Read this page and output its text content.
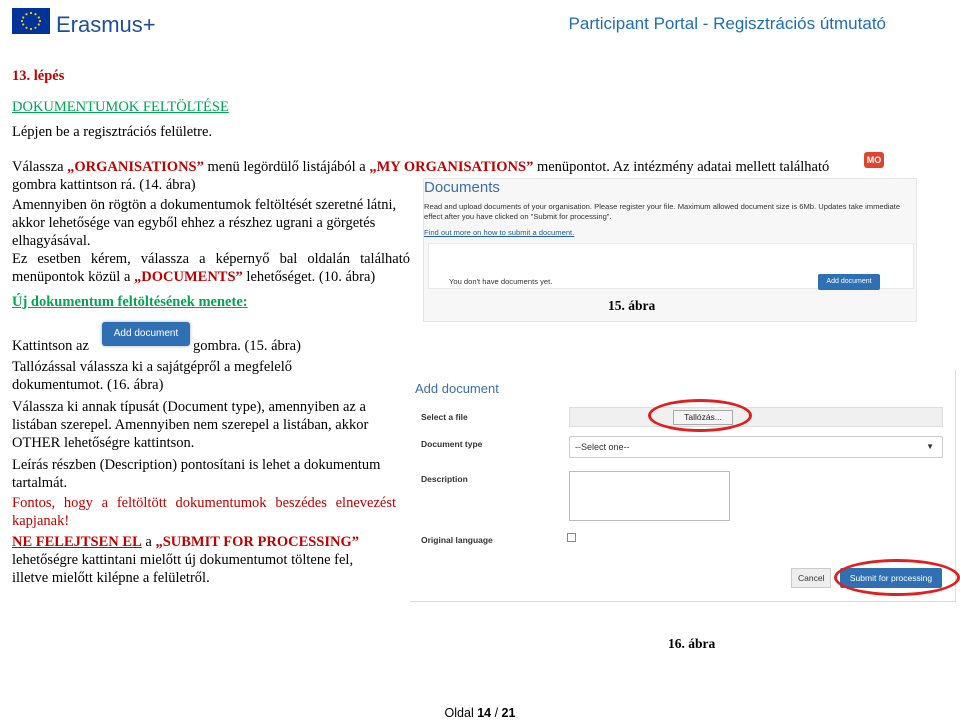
Erasmus+	Participant Portal - Regisztrációs útmutató
13. lépés
DOKUMENTUMOK FELTÖLTÉSE
Lépjen be a regisztrációs felületre.
Válassza „ORGANISATIONS” menü legördülő listájából a „MY ORGANISATIONS” menüpontot. Az intézmény adatai mellett található
gombra kattintson rá. (14. ábra)
Amennyiben ön rögtön a dokumentumok feltöltését szeretné látni,
akkor lehetősége van egyből ehhez a részhez ugrani a görgetés
elhagyásával.
Ez esetben kérem, válassza a képernyő bal oldalán található
menüpontok közül a „DOCUMENTS” lehetőséget. (10. ábra)
Új dokumentum feltöltésének menete:
Kattintson az
Add document
gombra. (15. ábra)
Tallózással válassza ki a sajátgépről a megfelelő
dokumentumot. (16. ábra)
Válassza ki annak típusát (Document type), amennyiben az a
listában szerepel. Amennyiben nem szerepel a listában, akkor
OTHER lehetőségre kattintson.
Leírás részben (Description) pontosítani is lehet a dokumentum
tartalmát.
Fontos, hogy a feltöltött dokumentumok beszédes elnevezést
kapjanak!
NE FELEJTSEN EL a „SUBMIT FOR PROCESSING”
lehetőségre kattintani mielőtt új dokumentumot töltene fel,
illetve mielőtt kilépne a felületről.
MO
Documents
Read and upload documents of your organisation. Please register your file. Maximum allowed document size is 6Mb. Updates take immediate
effect after you have clicked on "Submit for processing".
Find out more on how to submit a document.
You don't have documents yet.	Add document
15. ábra
Add document
Select a file	Tallózás...
Document type	--Select one--	▼
Description
Original language
Cancel	Submit for processing
16. ábra
Oldal 14 / 21
